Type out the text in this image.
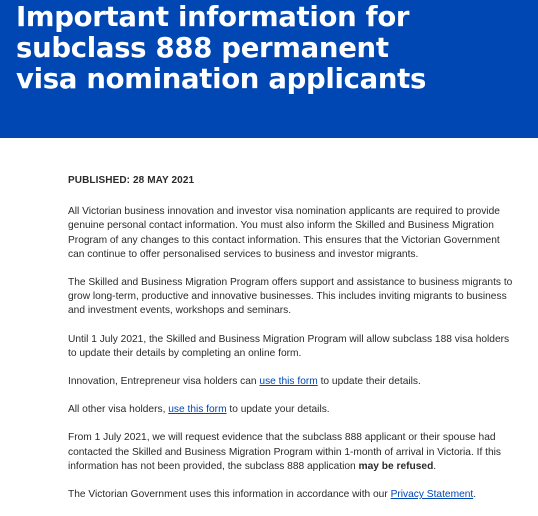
Important information for
subclass 888 permanent
visa nomination applicants
PUBLISHED: 28 MAY 2021

All Victorian business innovation and investor visa nomination applicants are required to provide genuine personal contact information. You must also inform the Skilled and Business Migration Program of any changes to this contact information. This ensures that the Victorian Government can continue to offer personalised services to business and investor migrants.

The Skilled and Business Migration Program offers support and assistance to business migrants to grow long-term, productive and innovative businesses. This includes inviting migrants to business and investment events, workshops and seminars.

Until 1 July 2021, the Skilled and Business Migration Program will allow subclass 188 visa holders to update their details by completing an online form.

Innovation, Entrepreneur visa holders can use this form to update their details.

All other visa holders, use this form to update your details.

From 1 July 2021, we will request evidence that the subclass 888 applicant or their spouse had contacted the Skilled and Business Migration Program within 1-month of arrival in Victoria. If this information has not been provided, the subclass 888 application may be refused.

The Victorian Government uses this information in accordance with our Privacy Statement.
